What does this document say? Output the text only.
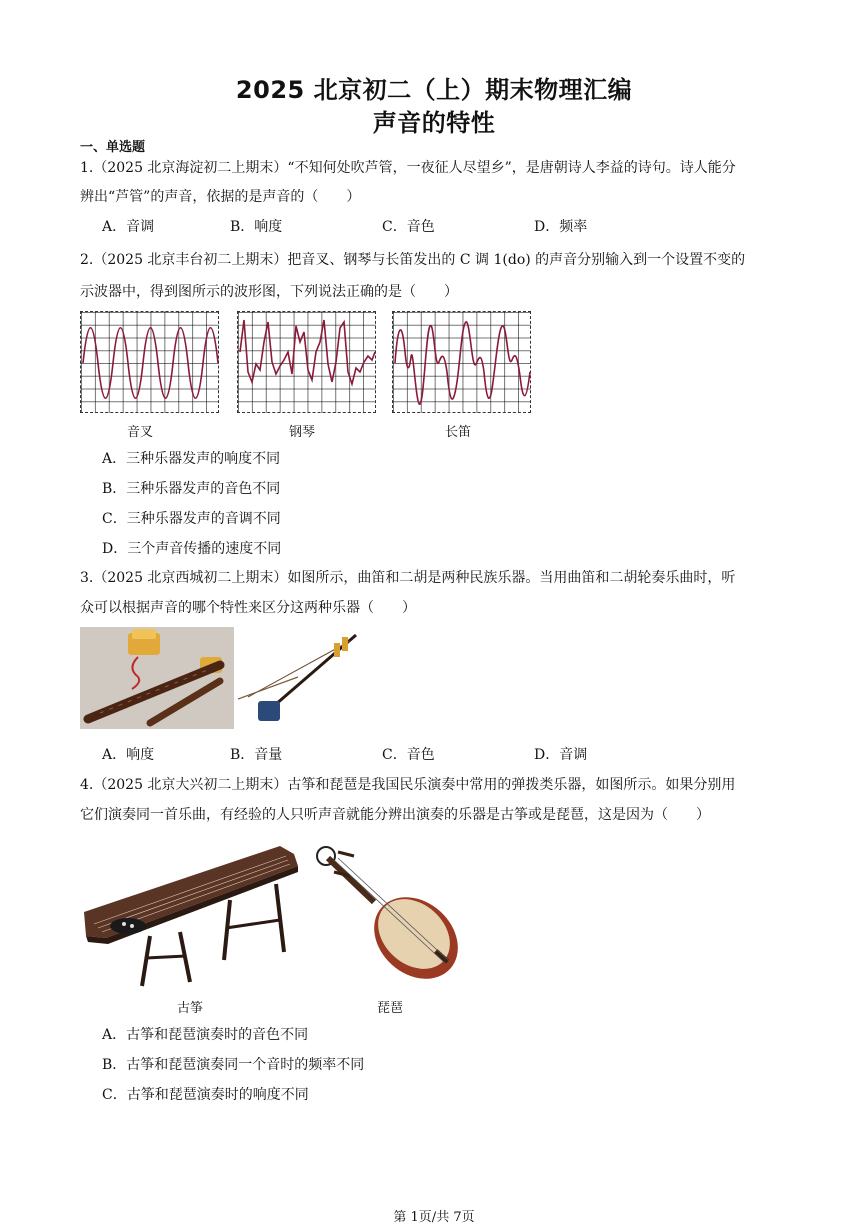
2025 北京初二（上）期末物理汇编
声音的特性
一、单选题
1.（2025 北京海淀初二上期末）“不知何处吹芦管，一夜征人尽望乡”，是唐朝诗人李益的诗句。诗人能分
辨出“芦管”的声音，依据的是声音的（　　）
A．音调	B．响度	C．音色	D．频率
2.（2025 北京丰台初二上期末）把音叉、钢琴与长笛发出的 C 调 1(do) 的声音分别输入到一个设置不变的
示波器中，得到图所示的波形图，下列说法正确的是（　　）
音叉	钢琴	长笛
A．三种乐器发声的响度不同
B．三种乐器发声的音色不同
C．三种乐器发声的音调不同
D．三个声音传播的速度不同
3.（2025 北京西城初二上期末）如图所示，曲笛和二胡是两种民族乐器。当用曲笛和二胡轮奏乐曲时，听
众可以根据声音的哪个特性来区分这两种乐器（　　）
A．响度	B．音量	C．音色	D．音调
4.（2025 北京大兴初二上期末）古筝和琵琶是我国民乐演奏中常用的弹拨类乐器，如图所示。如果分别用
它们演奏同一首乐曲，有经验的人只听声音就能分辨出演奏的乐器是古筝或是琵琶，这是因为（　　）
古筝	琵琶
A．古筝和琵琶演奏时的音色不同
B．古筝和琵琶演奏同一个音时的频率不同
C．古筝和琵琶演奏时的响度不同
第 1页/共 7页
